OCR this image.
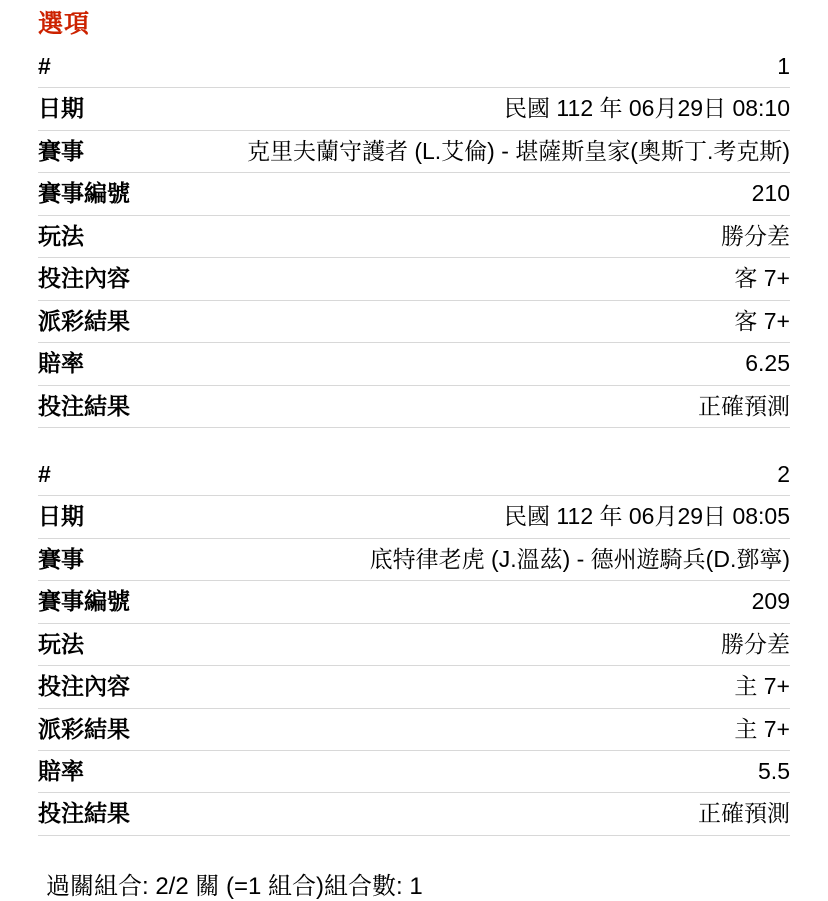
選項
#	1
日期	民國 112 年 06月29日 08:10
賽事	克里夫蘭守護者 (L.艾倫) - 堪薩斯皇家(奧斯丁.考克斯)
賽事編號	210
玩法	勝分差
投注內容	客 7+
派彩結果	客 7+
賠率	6.25
投注結果	正確預測
#	2
日期	民國 112 年 06月29日 08:05
賽事	底特律老虎 (J.溫茲) - 德州遊騎兵(D.鄧寧)
賽事編號	209
玩法	勝分差
投注內容	主 7+
派彩結果	主 7+
賠率	5.5
投注結果	正確預測
過關組合: 2/2 關 (=1 組合)組合數: 1
